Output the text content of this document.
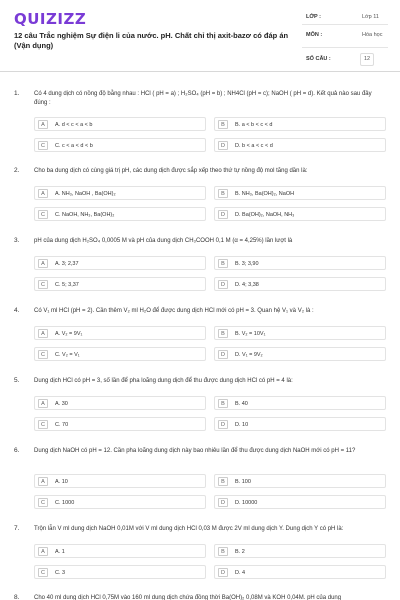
QUIZIZZ
12 câu Trắc nghiệm Sự điện li của nước. pH. Chất chỉ thị axit-bazơ có đáp án (Vận dụng)
LỚP :	Lớp 11
MÔN :	Hóa học
SỐ CÂU :	12
1. Có 4 dung dịch có nồng độ bằng nhau : HCl ( pH = a) ; H₂SO₄ (pH = b) ; NH4Cl (pH = c); NaOH ( pH = d). Kết quả nào sau đây đúng :
A	A. d < c < a < b	B	B. a < b < c < d
C	C. c < a < d < b	D	D. b < a < c < d
2. Cho ba dung dịch có cùng giá trị pH, các dung dịch được sắp xếp theo thứ tự nồng độ mol tăng dần là:
A	A. NH₃, NaOH , Ba(OH)₂	B	B. NH₃, Ba(OH)₂, NaOH
C	C. NaOH, NH₃, Ba(OH)₂	D	D. Ba(OH)₂, NaOH, NH₃
3. pH của dung dịch H₂SO₄ 0,0005 M và pH của dung dịch CH₃COOH 0,1 M (α = 4,25%) lần lượt là
A	A. 3; 2,37	B	B. 3; 3,90
C	C. 5; 3,37	D	D. 4; 3,38
4. Có V₁ ml HCl (pH = 2). Cần thêm V₂ ml H₂O để được dung dịch HCl mới có pH = 3. Quan hệ V₁ và V₂ là :
A	A. V₂ = 9V₁	B	B. V₂ = 10V₁
C	C. V₂ = V₁	D	D. V₁ = 9V₂
5. Dung dịch HCl có pH = 3, số lần để pha loãng dung dịch để thu được dung dịch HCl có pH = 4 là:
A	A. 30	B	B. 40
C	C. 70	D	D. 10
6. Dung dịch NaOH có pH = 12. Cần pha loãng dung dịch này bao nhiêu lần để thu được dung dịch NaOH mới có pH = 11?
A	A. 10	B	B. 100
C	C. 1000	D	D. 10000
7. Trộn lẫn V ml dung dịch NaOH 0,01M với V ml dung dịch HCl 0,03 M được 2V ml dung dịch Y. Dung dịch Y có pH là:
A	A. 1	B	B. 2
C	C. 3	D	D. 4
8. Cho 40 ml dung dịch HCl 0,75M vào 160 ml dung dịch chứa đồng thời Ba(OH)₂ 0,08M và KOH 0,04M. pH của dung
